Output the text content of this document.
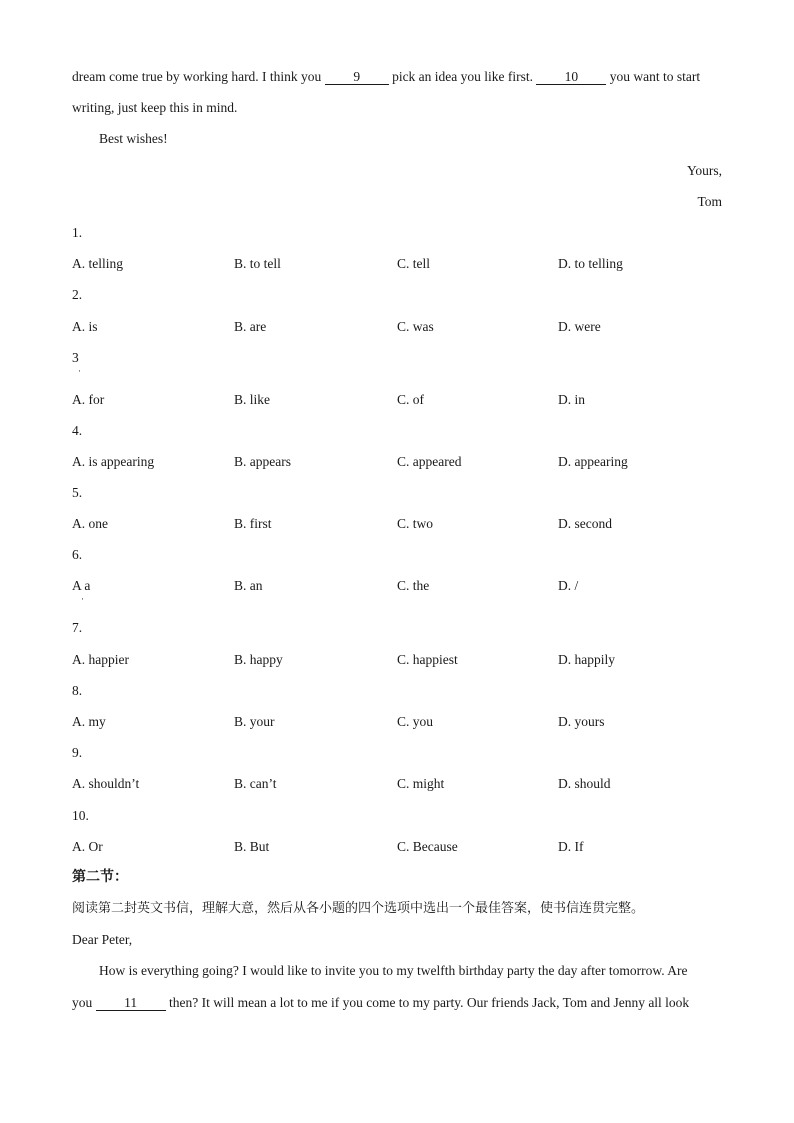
dream come true by working hard. I think you 9 pick an idea you like first. 10 you want to start
writing, just keep this in mind.
Best wishes!
Yours,
Tom
1.
A. telling	B. to tell	C. tell	D. to telling
2.
A. is	B. are	C. was	D. were
3
·
A. for	B. like	C. of	D. in
4.
A. is appearing	B. appears	C. appeared	D. appearing
5.
A. one	B. first	C. two	D. second
6.
A a	B. an	C. the	D. /
·
7.
A. happier	B. happy	C. happiest	D. happily
8.
A. my	B. your	C. you	D. yours
9.
A. shouldn’t	B. can’t	C. might	D. should
10.
A. Or	B. But	C. Because	D. If
第二节：
阅读第二封英文书信，理解大意，然后从各小题的四个选项中选出一个最佳答案，使书信连贯完整。
Dear Peter,
How is everything going? I would like to invite you to my twelfth birthday party the day after tomorrow. Are
you 11 then? It will mean a lot to me if you come to my party. Our friends Jack, Tom and Jenny all look
